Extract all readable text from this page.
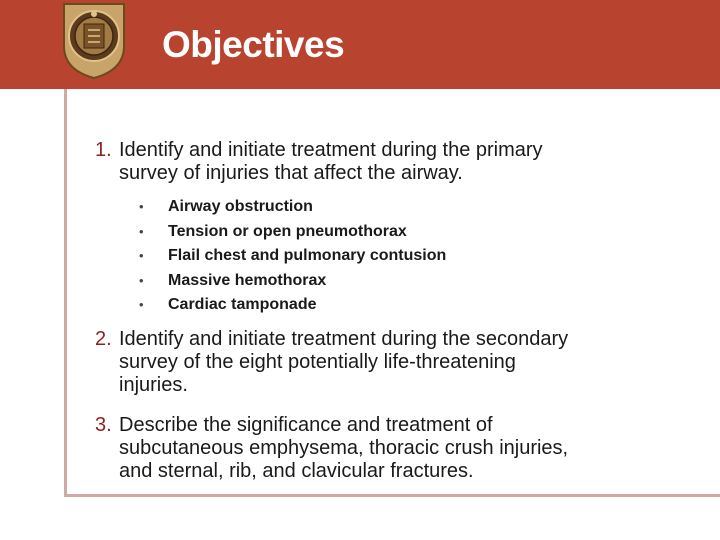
Objectives
1. Identify and initiate treatment during the primary
survey of injuries that affect the airway.
• Airway obstruction
• Tension or open pneumothorax
• Flail chest and pulmonary contusion
• Massive hemothorax
• Cardiac tamponade
2. Identify and initiate treatment during the secondary
survey of the eight potentially life-threatening
injuries.
3. Describe the significance and treatment of
subcutaneous emphysema, thoracic crush injuries,
and sternal, rib, and clavicular fractures.
